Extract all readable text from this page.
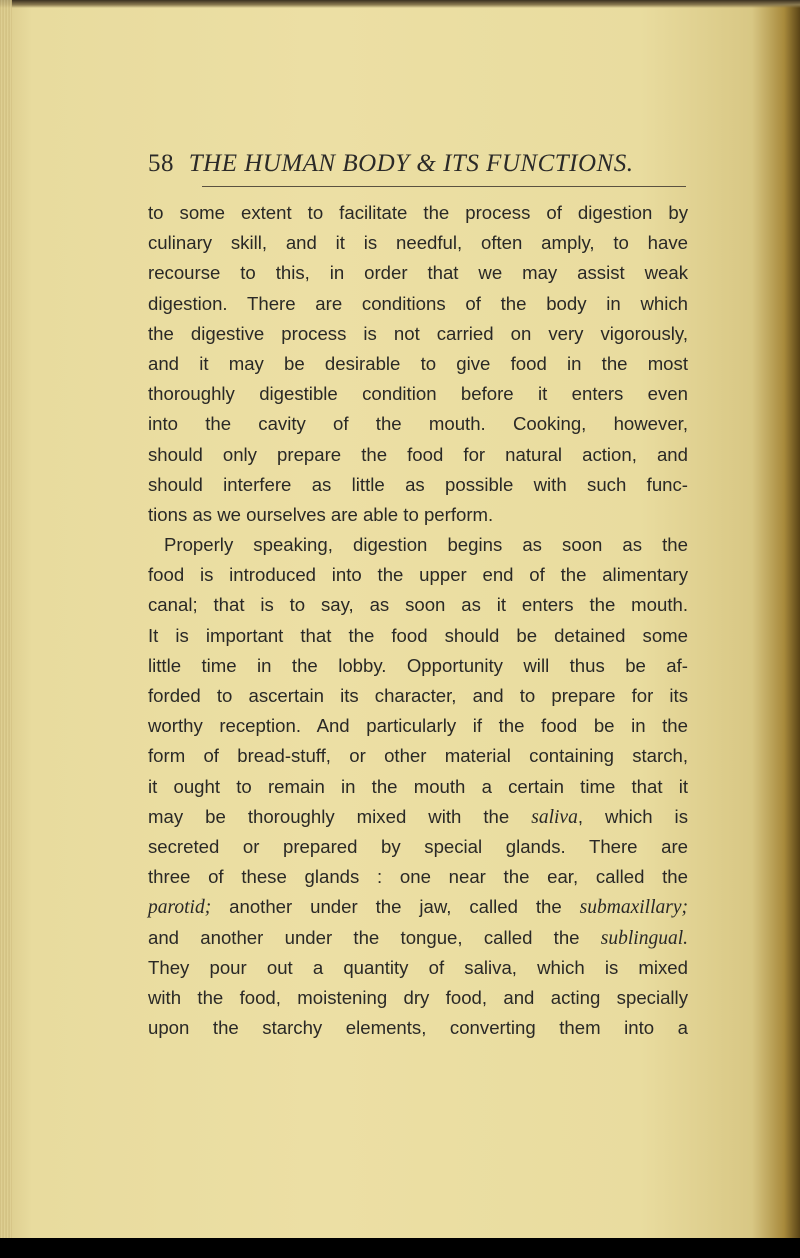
58 THE HUMAN BODY & ITS FUNCTIONS.
to some extent to facilitate the process of digestion by
culinary skill, and it is needful, often amply, to have
recourse to this, in order that we may assist weak
digestion. There are conditions of the body in which
the digestive process is not carried on very vigorously,
and it may be desirable to give food in the most
thoroughly digestible condition before it enters even
into the cavity of the mouth. Cooking, however,
should only prepare the food for natural action, and
should interfere as little as possible with such func-
tions as we ourselves are able to perform.
Properly speaking, digestion begins as soon as the
food is introduced into the upper end of the alimentary
canal; that is to say, as soon as it enters the mouth.
It is important that the food should be detained some
little time in the lobby. Opportunity will thus be af-
forded to ascertain its character, and to prepare for its
worthy reception. And particularly if the food be in the
form of bread-stuff, or other material containing starch,
it ought to remain in the mouth a certain time that it
may be thoroughly mixed with the saliva, which is
secreted or prepared by special glands. There are
three of these glands : one near the ear, called the
parotid; another under the jaw, called the submaxillary;
and another under the tongue, called the sublingual.
They pour out a quantity of saliva, which is mixed
with the food, moistening dry food, and acting specially
upon the starchy elements, converting them into a
